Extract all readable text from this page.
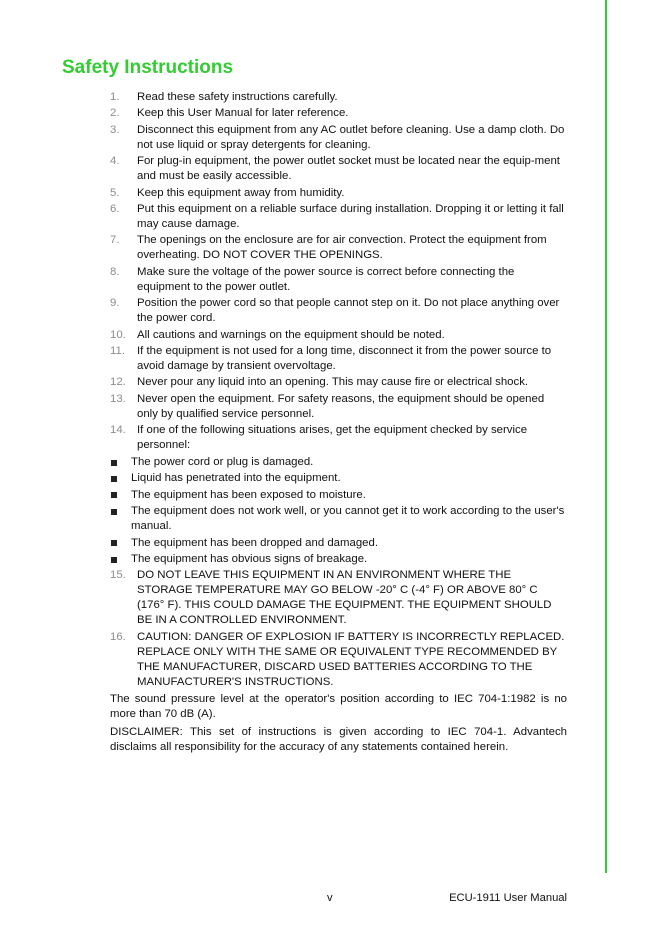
Safety Instructions
1. Read these safety instructions carefully.
2. Keep this User Manual for later reference.
3. Disconnect this equipment from any AC outlet before cleaning. Use a damp cloth. Do not use liquid or spray detergents for cleaning.
4. For plug-in equipment, the power outlet socket must be located near the equip-ment and must be easily accessible.
5. Keep this equipment away from humidity.
6. Put this equipment on a reliable surface during installation. Dropping it or letting it fall may cause damage.
7. The openings on the enclosure are for air convection. Protect the equipment from overheating. DO NOT COVER THE OPENINGS.
8. Make sure the voltage of the power source is correct before connecting the equipment to the power outlet.
9. Position the power cord so that people cannot step on it. Do not place anything over the power cord.
10. All cautions and warnings on the equipment should be noted.
11. If the equipment is not used for a long time, disconnect it from the power source to avoid damage by transient overvoltage.
12. Never pour any liquid into an opening. This may cause fire or electrical shock.
13. Never open the equipment. For safety reasons, the equipment should be opened only by qualified service personnel.
14. If one of the following situations arises, get the equipment checked by service personnel:
The power cord or plug is damaged.
Liquid has penetrated into the equipment.
The equipment has been exposed to moisture.
The equipment does not work well, or you cannot get it to work according to the user's manual.
The equipment has been dropped and damaged.
The equipment has obvious signs of breakage.
15. DO NOT LEAVE THIS EQUIPMENT IN AN ENVIRONMENT WHERE THE STORAGE TEMPERATURE MAY GO BELOW -20° C (-4° F) OR ABOVE 80° C (176° F). THIS COULD DAMAGE THE EQUIPMENT. THE EQUIPMENT SHOULD BE IN A CONTROLLED ENVIRONMENT.
16. CAUTION: DANGER OF EXPLOSION IF BATTERY IS INCORRECTLY REPLACED. REPLACE ONLY WITH THE SAME OR EQUIVALENT TYPE RECOMMENDED BY THE MANUFACTURER, DISCARD USED BATTERIES ACCORDING TO THE MANUFACTURER'S INSTRUCTIONS.

The sound pressure level at the operator's position according to IEC 704-1:1982 is no more than 70 dB (A).

DISCLAIMER: This set of instructions is given according to IEC 704-1. Advantech disclaims all responsibility for the accuracy of any statements contained herein.

v	ECU-1911 User Manual
